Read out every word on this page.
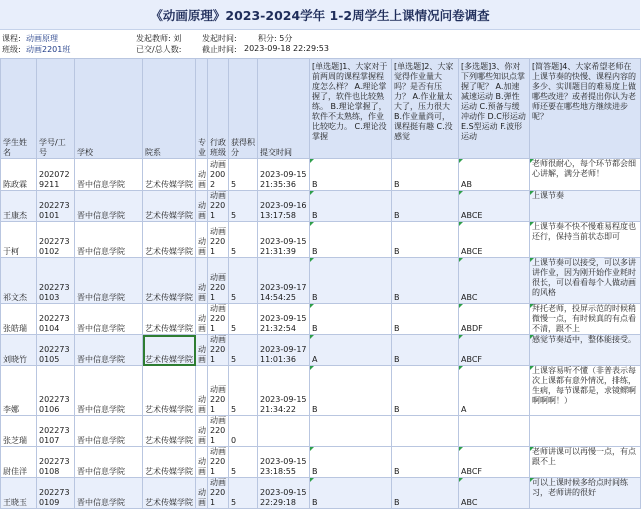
《动画原理》2023-2024学年 1-2周学生上课情况问卷调查
课程: 动画原理
班级: 动画2201班
发起教师: 刘
已交/总人数:
发起时间:	积分: 5分
截止时间: 2023-09-18 22:29:53
学生姓名	学号/工号	学校	院系	专业	行政班级	获得积分	提交时间	[单选题]1、大家对于前两周的课程掌握程度怎么样？ A.理论掌握了，软件也比较熟练。 B.理论掌握了，软件不太熟练，作业比较吃力。 C.理论没掌握	[单选题]2、大家觉得作业量大吗？是否有压力？ A.作业量太大了，压力很大 B.作业量尚可，课程挺有趣 C.没感觉	[多选题]3、你对下列哪些知识点掌握了呢？ A.加速减速运动 B.弹性运动 C.预备与缓冲动作 D.C形运动 E.S型运动 F.波形运动	[简答题]4、大家希望老师在上课节奏的快慢、课程内容的多少、实训题目的难易度上做哪些改进？或者提出你认为老师还要在哪些地方继续进步呢？
陈政霖	2020729211	晋中信息学院	艺术传媒学院	动画	动画2002	5	2023-09-15 21:35:36	B	B	AB	老师很耐心，每个环节都会细心讲解，满分老师！
王康杰	2022730101	晋中信息学院	艺术传媒学院	动画	动画2201	5	2023-09-16 13:17:58	B	B	ABCE	上课节奏
于柯	2022730102	晋中信息学院	艺术传媒学院	动画	动画2201	5	2023-09-15 21:31:39	B	B	ABCE	上课节奏不快不慢难易程度也还行，保持当前状态即可
祁文杰	2022730103	晋中信息学院	艺术传媒学院	动画	动画2201	5	2023-09-17 14:54:25	B	B	ABC	上课节奏可以接受，可以多讲讲作业，因为刚开始作业耗时很长，可以看看每个人做动画的风格
张皓瑞	2022730104	晋中信息学院	艺术传媒学院	动画	动画2201	5	2023-09-15 21:32:54	B	B	ABDF	拜托老师，投屏示范的时候稍微慢一点，有时候真的有点看不清，跟不上
刘晓竹	2022730105	晋中信息学院	艺术传媒学院	动画	动画2201	5	2023-09-17 11:01:36	A	B	ABCF	感觉节奏适中，整体能接受。
李娜	2022730106	晋中信息学院	艺术传媒学院	动画	动画2201	5	2023-09-15 21:34:22	B	B	A	上课容易听不懂（非普表示每次上课都有意外情况，排练，生病，每节课都是，求镜鳏啊啊啊啊！）
张芝瑞	2022730107	晋中信息学院	艺术传媒学院	动画	动画2201	0					
尉佳洋	2022730108	晋中信息学院	艺术传媒学院	动画	动画2201	5	2023-09-15 23:18:55	B	B	ABCF	老师讲课可以再慢一点，有点跟不上
王晓玉	2022730109	晋中信息学院	艺术传媒学院	动画	动画2201	5	2023-09-15 22:29:18	B	B	ABC	可以上课时候多给点时间练习，老师讲的很好
